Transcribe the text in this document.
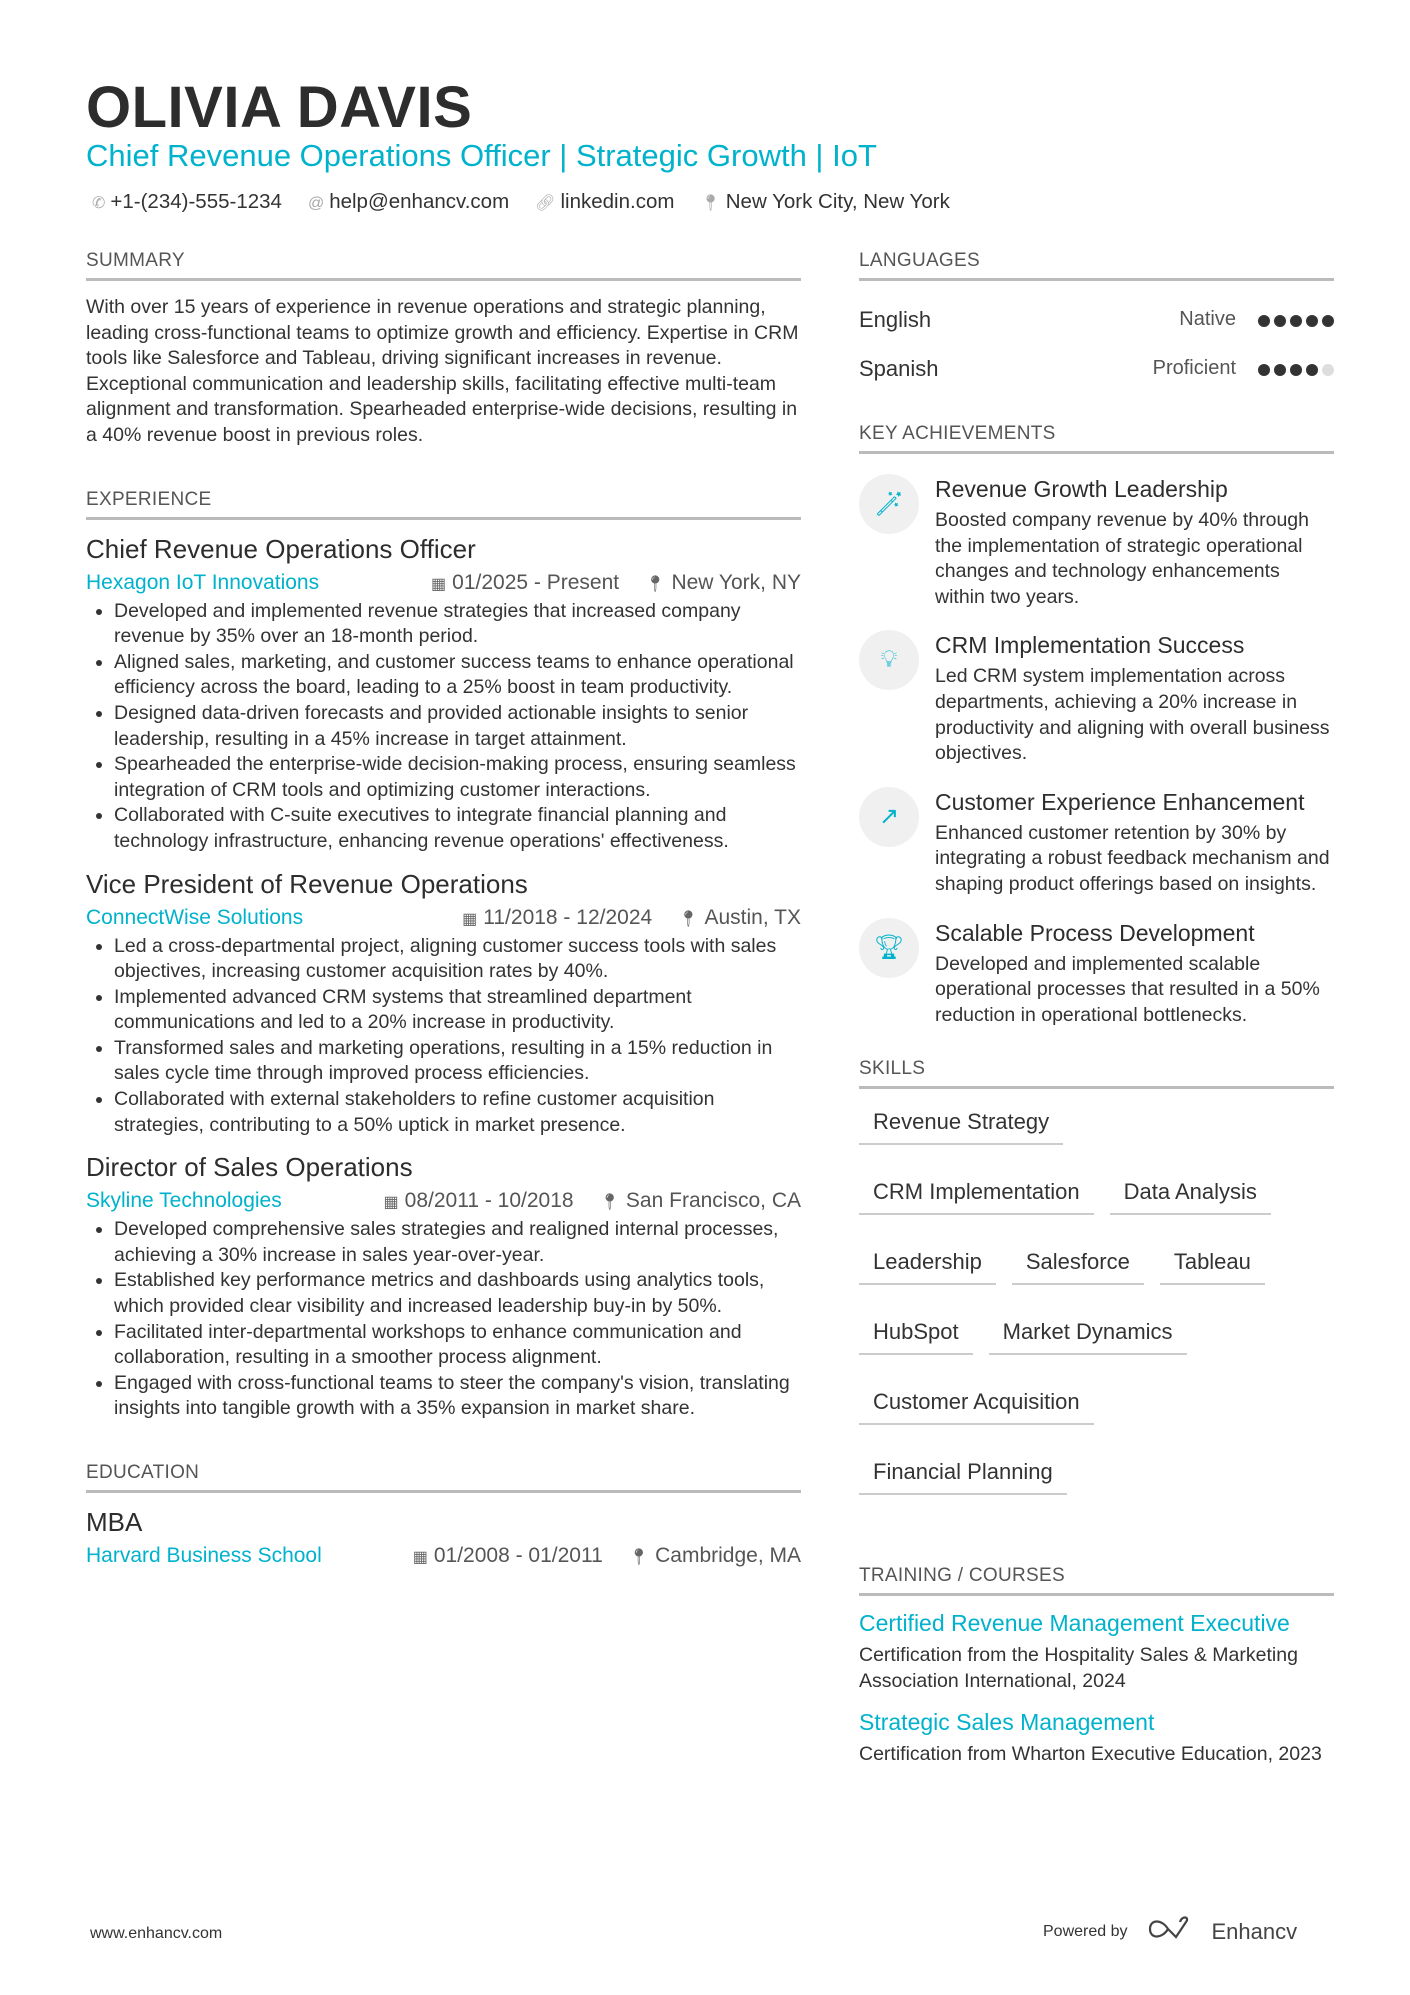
OLIVIA DAVIS
Chief Revenue Operations Officer | Strategic Growth | IoT
✆ +1-(234)-555-1234 @ help@enhancv.com 🔗︎ linkedin.com 📍︎ New York City, New York
SUMMARY

With over 15 years of experience in revenue operations and strategic planning, leading cross-functional teams to optimize growth and efficiency. Expertise in CRM tools like Salesforce and Tableau, driving significant increases in revenue. Exceptional communication and leadership skills, facilitating effective multi-team alignment and transformation. Spearheaded enterprise-wide decisions, resulting in a 40% revenue boost in previous roles.

EXPERIENCE
Chief Revenue Operations Officer
Hexagon IoT Innovations	▦ 01/2025 - Present 📍︎ New York, NY
• Developed and implemented revenue strategies that increased company revenue by 35% over an 18-month period.
• Aligned sales, marketing, and customer success teams to enhance operational efficiency across the board, leading to a 25% boost in team productivity.
• Designed data-driven forecasts and provided actionable insights to senior leadership, resulting in a 45% increase in target attainment.
• Spearheaded the enterprise-wide decision-making process, ensuring seamless integration of CRM tools and optimizing customer interactions.
• Collaborated with C-suite executives to integrate financial planning and technology infrastructure, enhancing revenue operations' effectiveness.
Vice President of Revenue Operations
ConnectWise Solutions	▦ 11/2018 - 12/2024 📍︎ Austin, TX
• Led a cross-departmental project, aligning customer success tools with sales objectives, increasing customer acquisition rates by 40%.
• Implemented advanced CRM systems that streamlined department communications and led to a 20% increase in productivity.
• Transformed sales and marketing operations, resulting in a 15% reduction in sales cycle time through improved process efficiencies.
• Collaborated with external stakeholders to refine customer acquisition strategies, contributing to a 50% uptick in market presence.
Director of Sales Operations
Skyline Technologies	▦ 08/2011 - 10/2018 📍︎ San Francisco, CA
• Developed comprehensive sales strategies and realigned internal processes, achieving a 30% increase in sales year-over-year.
• Established key performance metrics and dashboards using analytics tools, which provided clear visibility and increased leadership buy-in by 50%.
• Facilitated inter-departmental workshops to enhance communication and collaboration, resulting in a smoother process alignment.
• Engaged with cross-functional teams to steer the company's vision, translating insights into tangible growth with a 35% expansion in market share.
EDUCATION
MBA
Harvard Business School	▦ 01/2008 - 01/2011 📍︎ Cambridge, MA
LANGUAGES
English	Native
Spanish	Proficient
KEY ACHIEVEMENTS
🪄︎
Revenue Growth Leadership

Boosted company revenue by 40% through the implementation of strategic operational changes and technology enhancements within two years.

💡︎
CRM Implementation Success

Led CRM system implementation across departments, achieving a 20% increase in productivity and aligning with overall business objectives.

↗
Customer Experience Enhancement

Enhanced customer retention by 30% by integrating a robust feedback mechanism and shaping product offerings based on insights.

🏆︎
Scalable Process Development

Developed and implemented scalable operational processes that resulted in a 50% reduction in operational bottlenecks.

SKILLS
Revenue Strategy
CRM Implementation	Data Analysis
Leadership	Salesforce	Tableau
HubSpot	Market Dynamics
Customer Acquisition
Financial Planning
TRAINING / COURSES
Certified Revenue Management Executive

Certification from the Hospitality Sales & Marketing Association International, 2024

Strategic Sales Management

Certification from Wharton Executive Education, 2023

www.enhancv.com	Powered by	Enhancv
